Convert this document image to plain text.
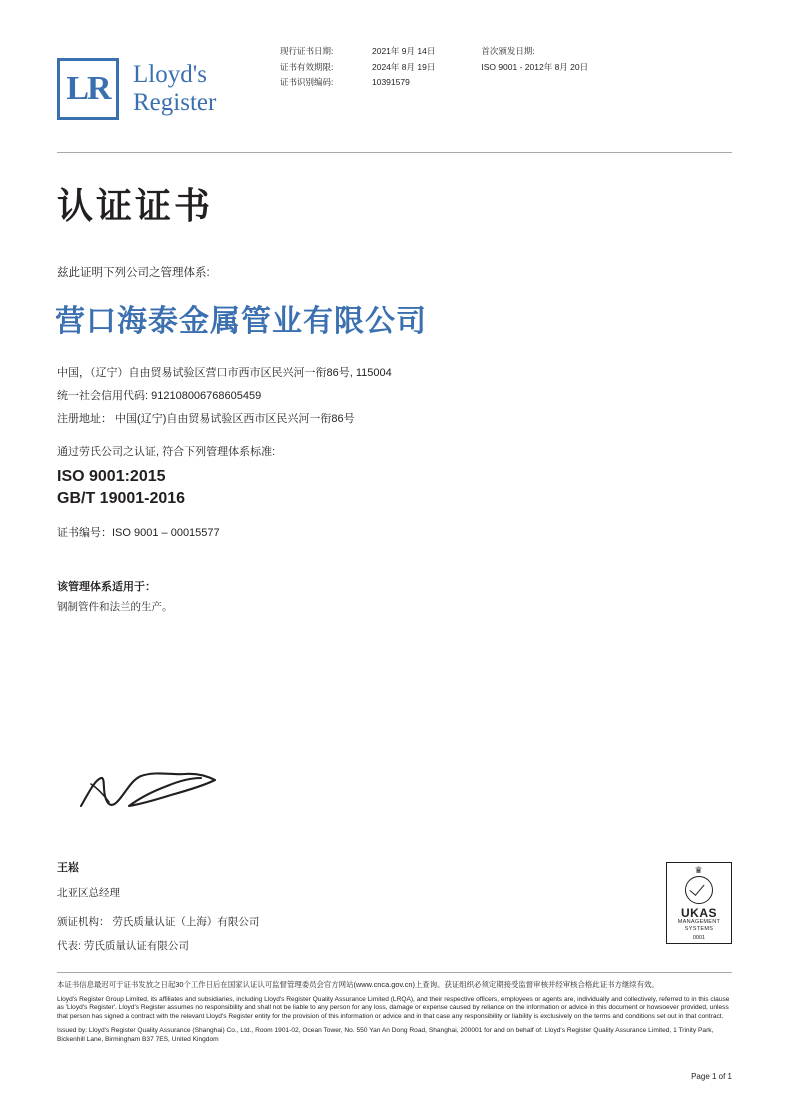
LR Lloyd's
Register
现行证书日期:	2021年 9月 14日
证书有效期限:	2024年 8月 19日
证书识别编码:	10391579
首次颁发日期:
ISO 9001 - 2012年 8月 20日
认证证书
兹此证明下列公司之管理体系:
营口海泰金属管业有限公司
中国，（辽宁）自由贸易试验区营口市西市区民兴河一衔86号, 115004
统一社会信用代码: 912108006768605459
注册地址： 中国(辽宁)自由贸易试验区西市区民兴河一衔86号
通过劳氏公司之认证, 符合下列管理体系标准:
ISO 9001:2015
GB/T 19001-2016
证书编号：ISO 9001 – 00015577
该管理体系适用于：
钢制管件和法兰的生产。
王崧
北亚区总经理
颁证机构： 劳氏质量认证（上海）有限公司
代表: 劳氏质量认证有限公司
♛
UKAS
MANAGEMENT
SYSTEMS
0001

本证书信息最迟可于证书发放之日起30个工作日后在国家认证认可监督管理委员会官方网站(www.cnca.gov.cn)上查询。获证组织必须定期接受监督审核并经审核合格此证书方继续有效。

Lloyd's Register Group Limited, its affiliates and subsidiaries, including Lloyd's Register Quality Assurance Limited (LRQA), and their respective officers, employees or agents are, individually and collectively, referred to in this clause as 'Lloyd's Register'. Lloyd's Register assumes no responsibility and shall not be liable to any person for any loss, damage or expense caused by reliance on the information or advice in this document or howsoever provided, unless that person has signed a contract with the relevant Lloyd's Register entity for the provision of this information or advice and in that case any responsibility or liability is exclusively on the terms and conditions set out in that contract.

Issued by: Lloyd's Register Quality Assurance (Shanghai) Co., Ltd., Room 1901-02, Ocean Tower, No. 550 Yan An Dong Road, Shanghai, 200001 for and on behalf of: Lloyd's Register Quality Assurance Limited, 1 Trinity Park, Bickenhill Lane, Birmingham B37 7ES, United Kingdom

Page 1 of 1
